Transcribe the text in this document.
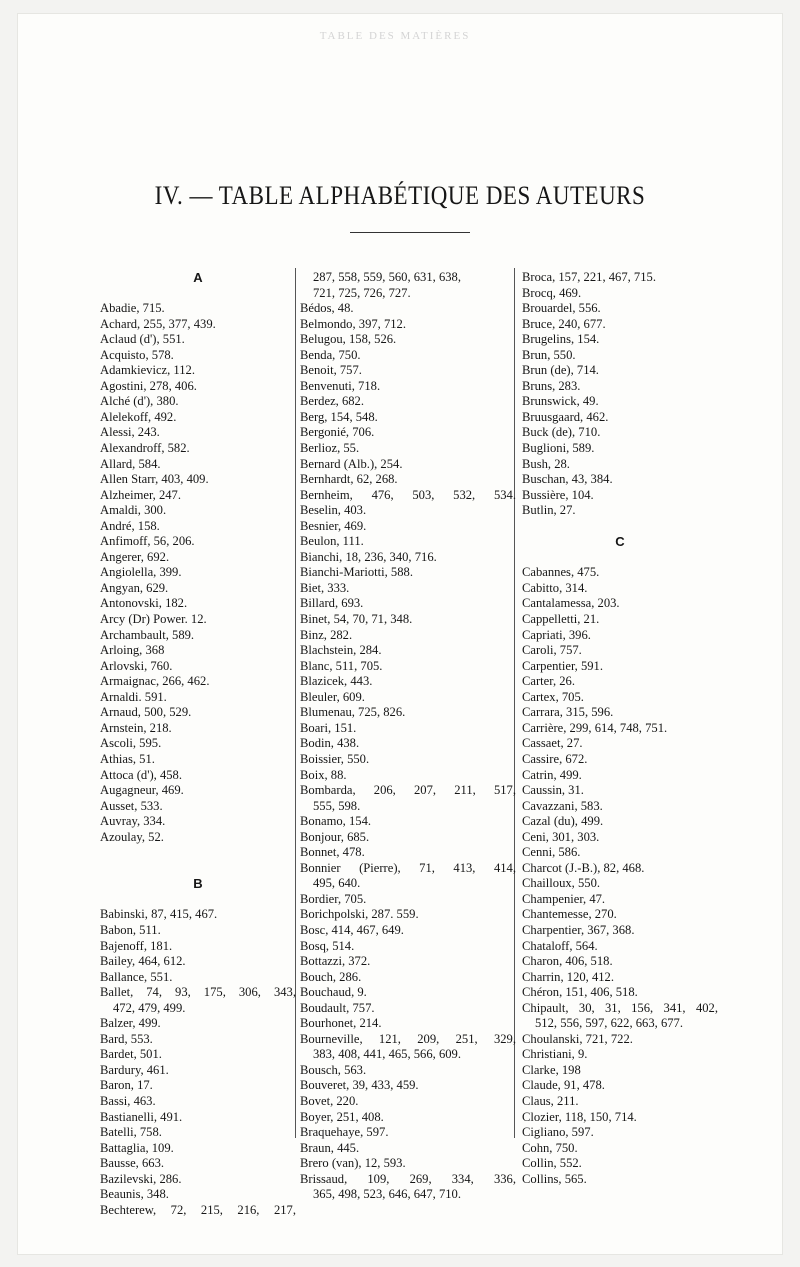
TABLE DES MATIÈRES
IV. — TABLE ALPHABÉTIQUE DES AUTEURS
A
Abadie, 715.
Achard, 255, 377, 439.
Aclaud (d'), 551.
Acquisto, 578.
Adamkievicz, 112.
Agostini, 278, 406.
Alché (d'), 380.
Alelekoff, 492.
Alessi, 243.
Alexandroff, 582.
Allard, 584.
Allen Starr, 403, 409.
Alzheimer, 247.
Amaldi, 300.
André, 158.
Anfimoff, 56, 206.
Angerer, 692.
Angiolella, 399.
Angyan, 629.
Antonovski, 182.
Arcy (Dr) Power. 12.
Archambault, 589.
Arloing, 368
Arlovski, 760.
Armaignac, 266, 462.
Arnaldi. 591.
Arnaud, 500, 529.
Arnstein, 218.
Ascoli, 595.
Athias, 51.
Attoca (d'), 458.
Augagneur, 469.
Ausset, 533.
Auvray, 334.
Azoulay, 52.
B
Babinski, 87, 415, 467.
Babon, 511.
Bajenoff, 181.
Bailey, 464, 612.
Ballance, 551.
Ballet, 74, 93, 175, 306, 343,
472, 479, 499.
Balzer, 499.
Bard, 553.
Bardet, 501.
Bardury, 461.
Baron, 17.
Bassi, 463.
Bastianelli, 491.
Batelli, 758.
Battaglia, 109.
Bausse, 663.
Bazilevski, 286.
Beaunis, 348.
Bechterew, 72, 215, 216, 217,
287, 558, 559, 560, 631, 638,
721, 725, 726, 727.
Bédos, 48.
Belmondo, 397, 712.
Belugou, 158, 526.
Benda, 750.
Benoit, 757.
Benvenuti, 718.
Berdez, 682.
Berg, 154, 548.
Bergonié, 706.
Berlioz, 55.
Bernard (Alb.), 254.
Bernhardt, 62, 268.
Bernheim, 476, 503, 532, 534.
Beselin, 403.
Besnier, 469.
Beulon, 111.
Bianchi, 18, 236, 340, 716.
Bianchi-Mariotti, 588.
Biet, 333.
Billard, 693.
Binet, 54, 70, 71, 348.
Binz, 282.
Blachstein, 284.
Blanc, 511, 705.
Blazicek, 443.
Bleuler, 609.
Blumenau, 725, 826.
Boari, 151.
Bodin, 438.
Boissier, 550.
Boix, 88.
Bombarda, 206, 207, 211, 517,
555, 598.
Bonamo, 154.
Bonjour, 685.
Bonnet, 478.
Bonnier (Pierre), 71, 413, 414,
495, 640.
Bordier, 705.
Borichpolski, 287. 559.
Bosc, 414, 467, 649.
Bosq, 514.
Bottazzi, 372.
Bouch, 286.
Bouchaud, 9.
Boudault, 757.
Bourhonet, 214.
Bourneville, 121, 209, 251, 329,
383, 408, 441, 465, 566, 609.
Bousch, 563.
Bouveret, 39, 433, 459.
Bovet, 220.
Boyer, 251, 408.
Braquehaye, 597.
Braun, 445.
Brero (van), 12, 593.
Brissaud, 109, 269, 334, 336,
365, 498, 523, 646, 647, 710.
Broca, 157, 221, 467, 715.
Brocq, 469.
Brouardel, 556.
Bruce, 240, 677.
Brugelins, 154.
Brun, 550.
Brun (de), 714.
Bruns, 283.
Brunswick, 49.
Bruusgaard, 462.
Buck (de), 710.
Buglioni, 589.
Bush, 28.
Buschan, 43, 384.
Bussière, 104.
Butlin, 27.
C
Cabannes, 475.
Cabitto, 314.
Cantalamessa, 203.
Cappelletti, 21.
Capriati, 396.
Caroli, 757.
Carpentier, 591.
Carter, 26.
Cartex, 705.
Carrara, 315, 596.
Carrière, 299, 614, 748, 751.
Cassaet, 27.
Cassire, 672.
Catrin, 499.
Caussin, 31.
Cavazzani, 583.
Cazal (du), 499.
Ceni, 301, 303.
Cenni, 586.
Charcot (J.-B.), 82, 468.
Chailloux, 550.
Champenier, 47.
Chantemesse, 270.
Charpentier, 367, 368.
Chataloff, 564.
Charon, 406, 518.
Charrin, 120, 412.
Chéron, 151, 406, 518.
Chipault, 30, 31, 156, 341, 402,
512, 556, 597, 622, 663, 677.
Choulanski, 721, 722.
Christiani, 9.
Clarke, 198
Claude, 91, 478.
Claus, 211.
Clozier, 118, 150, 714.
Cigliano, 597.
Cohn, 750.
Collin, 552.
Collins, 565.
